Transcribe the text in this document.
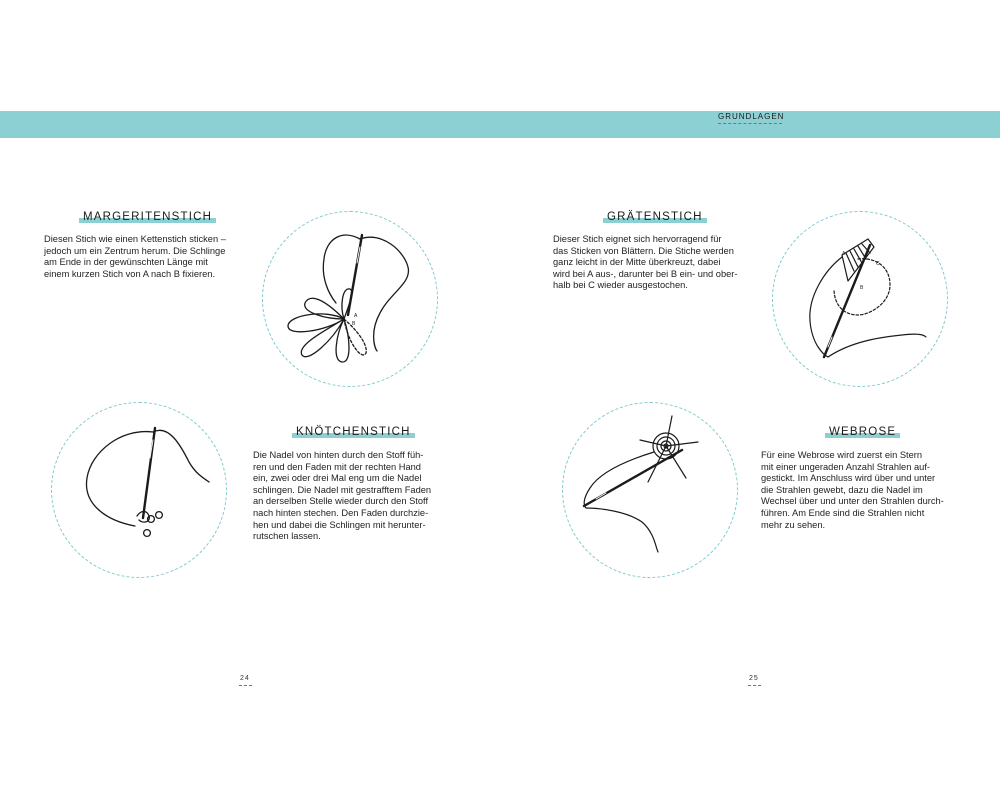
GRUNDLAGEN
MARGERITENSTICH
Diesen Stich wie einen Kettenstich sticken –
jedoch um ein Zentrum herum. Die Schlinge
am Ende in der gewünschten Länge mit
einem kurzen Stich von A nach B fixieren.
A
B
KNÖTCHENSTICH
Die Nadel von hinten durch den Stoff füh-
ren und den Faden mit der rechten Hand
ein, zwei oder drei Mal eng um die Nadel
schlingen. Die Nadel mit gestrafftem Faden
an derselben Stelle wieder durch den Stoff
nach hinten stechen. Den Faden durchzie-
hen und dabei die Schlingen mit herunter-
rutschen lassen.
GRÄTENSTICH
Dieser Stich eignet sich hervorragend für
das Sticken von Blättern. Die Stiche werden
ganz leicht in der Mitte überkreuzt, dabei
wird bei A aus-, darunter bei B ein- und ober-
halb bei C wieder ausgestochen.
A
B
C
WEBROSE
Für eine Webrose wird zuerst ein Stern
mit einer ungeraden Anzahl Strahlen auf-
gestickt. Im Anschluss wird über und unter
die Strahlen gewebt, dazu die Nadel im
Wechsel über und unter den Strahlen durch-
führen. Am Ende sind die Strahlen nicht
mehr zu sehen.
24	25
